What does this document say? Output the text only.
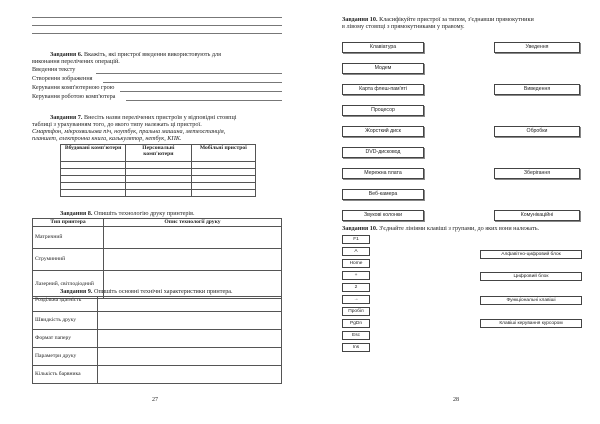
Завдання 6. Вкажіть, які пристрої введення використовують для
виконання перелічених операцій.
Введення тексту
Створення зображення
Керування комп'ютерною грою
Керування роботою комп'ютера
Завдання 7. Внесіть назви перелічених пристроїв у відповідні стовпці
таблиці з урахуванням того, до якого типу належать ці пристрої.
Смартфон, мікрохвильова піч, ноутбук, пральна машина, метеостанція,
планшет, електронна книга, калькулятор, нетбук, КПК.
Вбудовані комп'ютери	Персональні комп'ютери	Мобільні пристрої

Завдання 8. Опишіть технологію друку принтерів.
Тип принтера	Опис технології друку
Матричний	
Струминний	
Лазерний, світлодіодний	
Завдання 9. Опишіть основні технічні характеристики принтера.
Роздільна здатність	
Швидкість друку	
Формат паперу	
Параметри друку	
Кількість барвника	
27
Завдання 10. Класифікуйте пристрої за типом, з'єднавши прямокутники
в лівому стовпці з прямокутниками у правому.
Клавіатура
Модем
Карта флеш-пам'яті
Процесор
Жорсткий диск
DVD-дисковод
Мережна плата
Веб-камера
Звукові колонки
Уведення
Виведення
Обробки
Зберігання
Комунікаційні
Завдання 10. З'єднайте лініями клавіші з групами, до яких вони належать.
F1
A
Home
+
2
→
Пробіл
PgDn
Esc
Ins
Алфавітно-цифровий блок
Цифровий блок
Функціональні клавіші
Клавіші керування курсором
28
